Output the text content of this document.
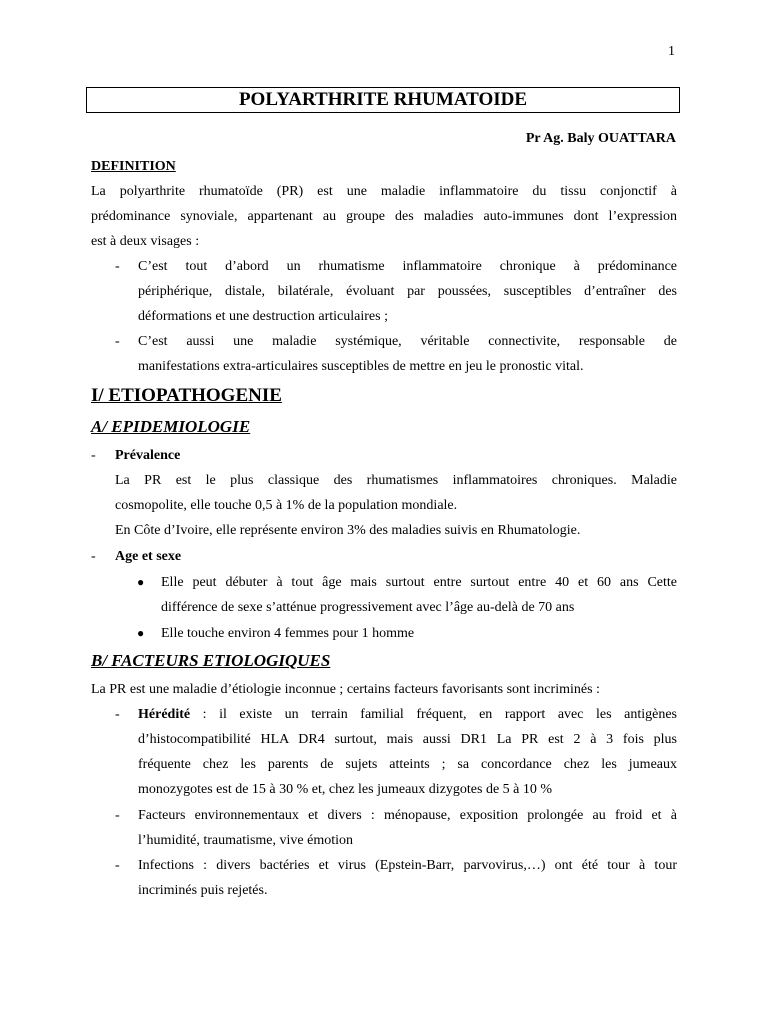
1
POLYARTHRITE RHUMATOIDE
Pr Ag. Baly OUATTARA
DEFINITION
La polyarthrite rhumatoïde (PR) est une maladie inflammatoire du tissu conjonctif à
prédominance synoviale, appartenant au groupe des maladies auto-immunes dont l’expression
est à deux visages :
- C’est tout d’abord un rhumatisme inflammatoire chronique à prédominance
périphérique, distale, bilatérale, évoluant par poussées, susceptibles d’entraîner des
déformations et une destruction articulaires ;
- C’est aussi une maladie systémique, véritable connectivite, responsable de
manifestations extra-articulaires susceptibles de mettre en jeu le pronostic vital.
I/ ETIOPATHOGENIE
A/ EPIDEMIOLOGIE
- Prévalence
La PR est le plus classique des rhumatismes inflammatoires chroniques. Maladie
cosmopolite, elle touche 0,5 à 1% de la population mondiale.
En Côte d’Ivoire, elle représente environ 3% des maladies suivis en Rhumatologie.
- Age et sexe
● Elle peut débuter à tout âge mais surtout entre surtout entre 40 et 60 ans Cette
différence de sexe s’atténue progressivement avec l’âge au-delà de 70 ans
● Elle touche environ 4 femmes pour 1 homme
B/ FACTEURS ETIOLOGIQUES
La PR est une maladie d’étiologie inconnue ; certains facteurs favorisants sont incriminés :
- Hérédité : il existe un terrain familial fréquent, en rapport avec les antigènes
d’histocompatibilité HLA DR4 surtout, mais aussi DR1 La PR est 2 à 3 fois plus
fréquente chez les parents de sujets atteints ; sa concordance chez les jumeaux
monozygotes est de 15 à 30 % et, chez les jumeaux dizygotes de 5 à 10 %
- Facteurs environnementaux et divers : ménopause, exposition prolongée au froid et à
l’humidité, traumatisme, vive émotion
- Infections : divers bactéries et virus (Epstein-Barr, parvovirus,…) ont été tour à tour
incriminés puis rejetés.
